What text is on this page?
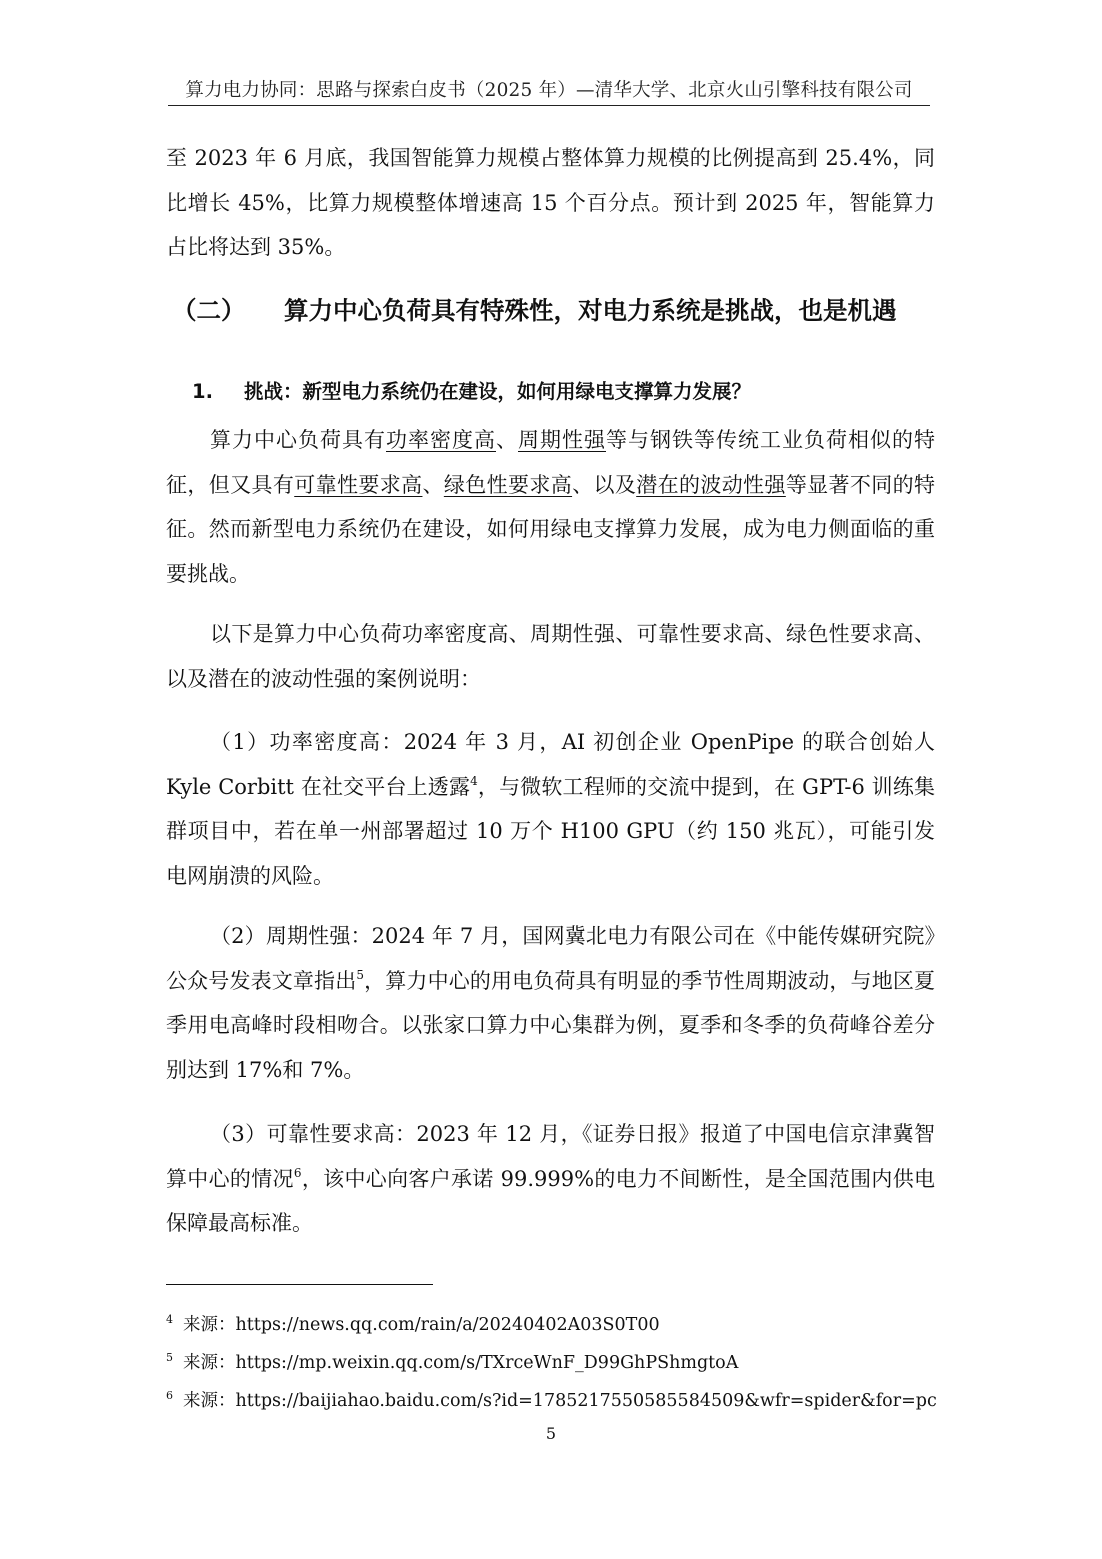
算力电力协同：思路与探索白皮书（2025 年）—清华大学、北京火山引擎科技有限公司
至 2023 年 6 月底，我国智能算力规模占整体算力规模的比例提高到 25.4%，同比增长 45%，比算力规模整体增速高 15 个百分点。预计到 2025 年，智能算力占比将达到 35%。
（二） 算力中心负荷具有特殊性，对电力系统是挑战，也是机遇
1. 挑战：新型电力系统仍在建设，如何用绿电支撑算力发展？
算力中心负荷具有功率密度高、周期性强等与钢铁等传统工业负荷相似的特征，但又具有可靠性要求高、绿色性要求高、以及潜在的波动性强等显著不同的特征。然而新型电力系统仍在建设，如何用绿电支撑算力发展，成为电力侧面临的重要挑战。
以下是算力中心负荷功率密度高、周期性强、可靠性要求高、绿色性要求高、以及潜在的波动性强的案例说明：
（1）功率密度高：2024 年 3 月，AI 初创企业 OpenPipe 的联合创始人 Kyle Corbitt 在社交平台上透露$^4$，与微软工程师的交流中提到，在 GPT-6 训练集群项目中，若在单一州部署超过 10 万个 H100 GPU（约 150 兆瓦），可能引发电网崩溃的风险。
（2）周期性强：2024 年 7 月，国网冀北电力有限公司在《中能传媒研究院》公众号发表文章指出$^5$，算力中心的用电负荷具有明显的季节性周期波动，与地区夏季用电高峰时段相吻合。以张家口算力中心集群为例，夏季和冬季的负荷峰谷差分别达到 17%和 7%。
（3）可靠性要求高：2023 年 12 月，《证券日报》报道了中国电信京津冀智算中心的情况$^6$，该中心向客户承诺 99.999%的电力不间断性，是全国范围内供电保障最高标准。
$^4$ 来源：https://news.qq.com/rain/a/20240402A03S0T00
$^5$ 来源：https://mp.weixin.qq.com/s/TXrceWnF_D99GhPShmgtoA
$^6$ 来源：https://baijiahao.baidu.com/s?id=1785217550585584509&wfr=spider&for=pc
5
